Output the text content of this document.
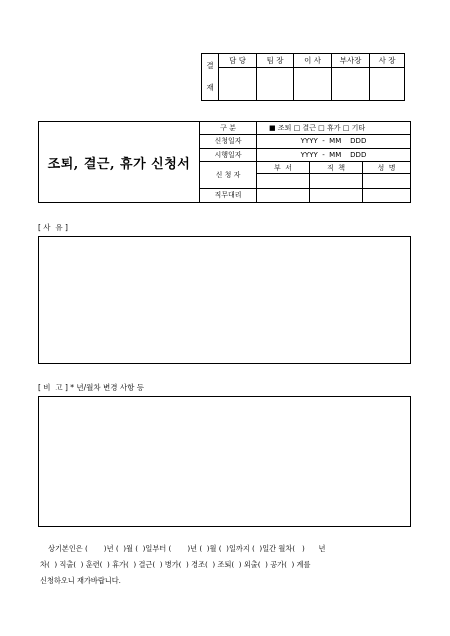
결
재	담 당	팀 장	이 사	부사장	사 장

조퇴, 결근, 휴가 신청서	구 분	■ 조퇴 □ 결근 □ 휴가 □ 기타		
	신청일자	YYYY  -  MM    DDD		
	시행일자	YYYY  -  MM    DDD		
	신 청 자	부  서	직  책	성  명

	직무대리			
[ 사  유 ]
[ 비  고 ] * 년/월차 변경 사항 등

상기본인은 (       )년 (  )월 (  )일부터 (       )년 (  )월 (  )일까지 (  )일간 월차(   )      년

차(  ) 직출(  ) 훈련(  ) 휴가(  ) 결근(  ) 병가(  ) 경조(  ) 조퇴(  ) 외출(  ) 공가(  ) 계를

신청하오니 재가바랍니다.
